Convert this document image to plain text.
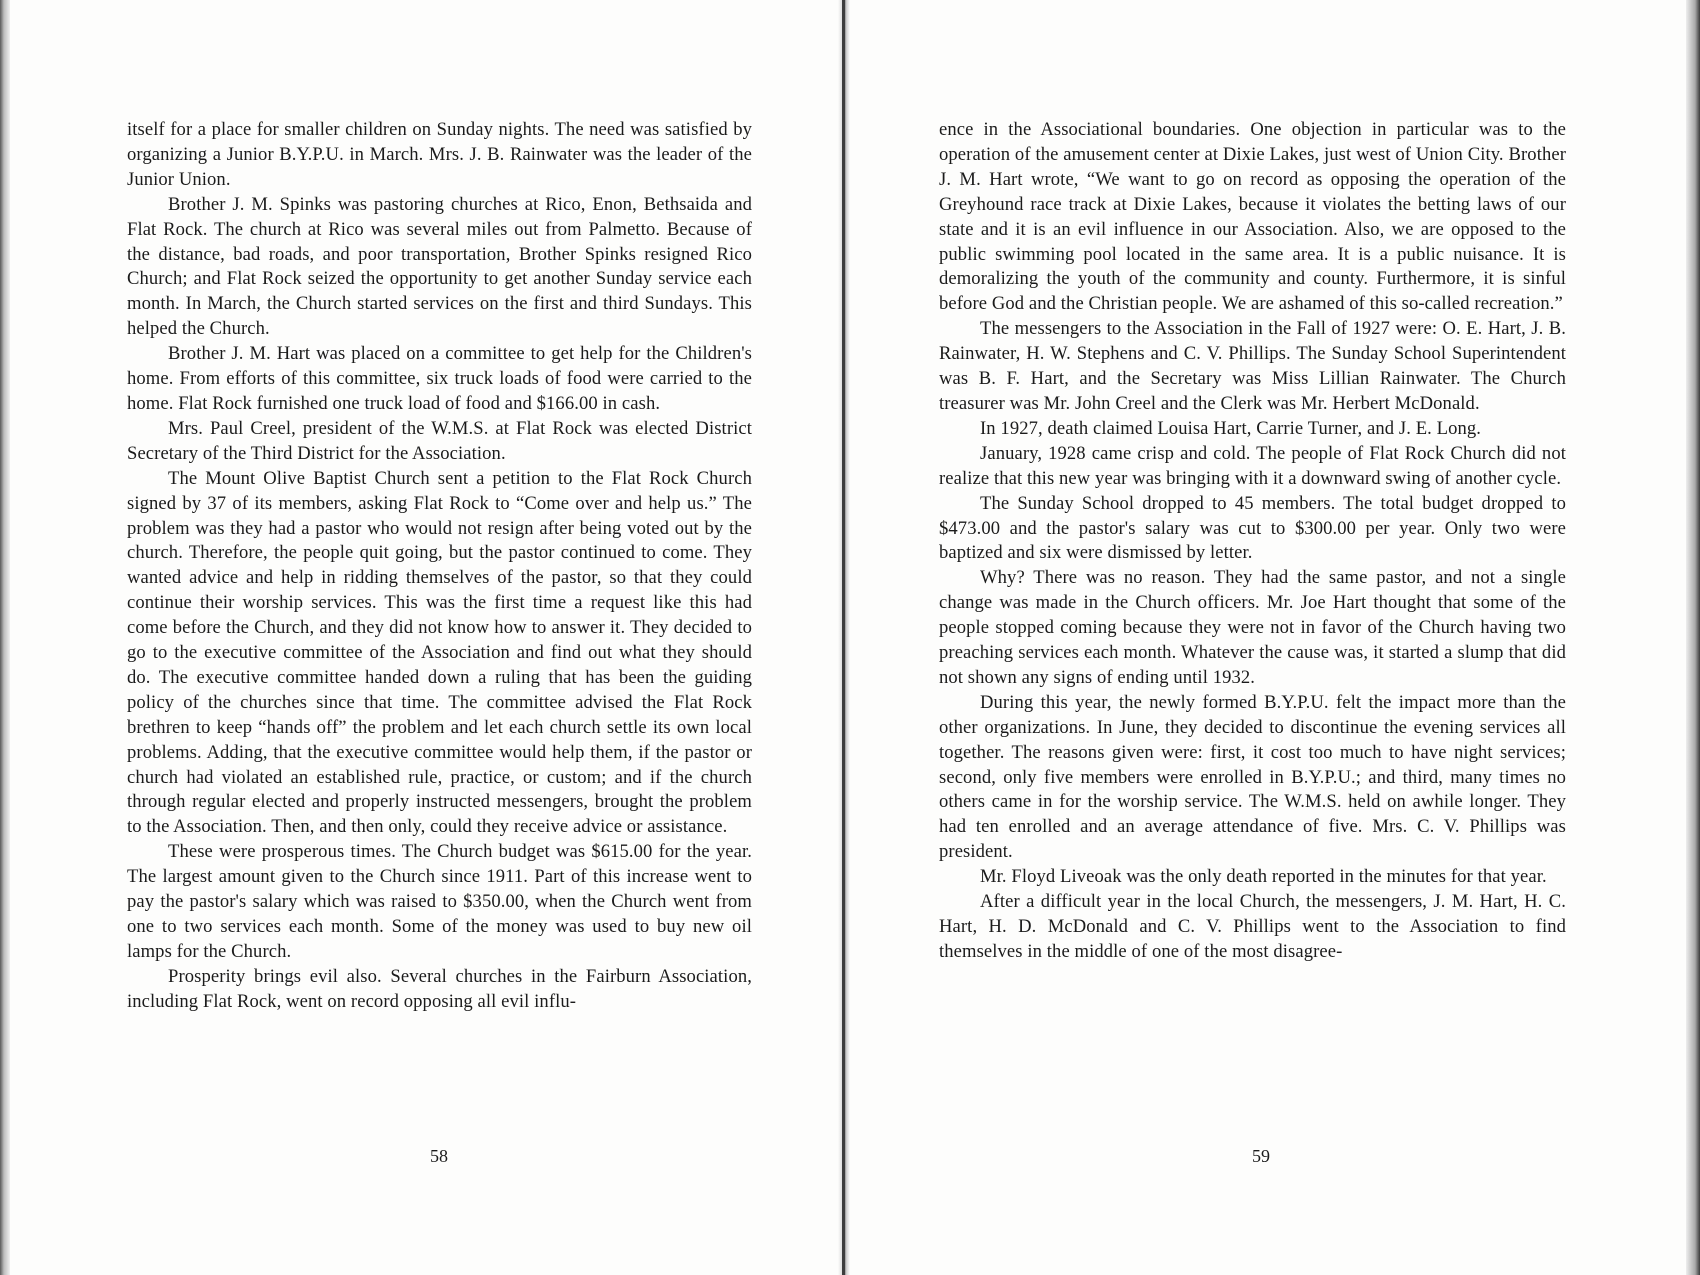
itself for a place for smaller children on Sunday nights. The need was satisfied by organizing a Junior B.Y.P.U. in March. Mrs. J. B. Rainwater was the leader of the Junior Union.

Brother J. M. Spinks was pastoring churches at Rico, Enon, Bethsaida and Flat Rock. The church at Rico was several miles out from Palmetto. Because of the distance, bad roads, and poor transportation, Brother Spinks resigned Rico Church; and Flat Rock seized the opportunity to get another Sunday service each month. In March, the Church started services on the first and third Sundays. This helped the Church.

Brother J. M. Hart was placed on a committee to get help for the Children's home. From efforts of this committee, six truck loads of food were carried to the home. Flat Rock furnished one truck load of food and $166.00 in cash.

Mrs. Paul Creel, president of the W.M.S. at Flat Rock was elected District Secretary of the Third District for the Association.

The Mount Olive Baptist Church sent a petition to the Flat Rock Church signed by 37 of its members, asking Flat Rock to “Come over and help us.” The problem was they had a pastor who would not resign after being voted out by the church. Therefore, the people quit going, but the pastor continued to come. They wanted advice and help in ridding themselves of the pastor, so that they could continue their worship services. This was the first time a request like this had come before the Church, and they did not know how to answer it. They decided to go to the executive committee of the Association and find out what they should do. The executive committee handed down a ruling that has been the guiding policy of the churches since that time. The committee advised the Flat Rock brethren to keep “hands off” the problem and let each church settle its own local problems. Adding, that the executive committee would help them, if the pastor or church had violated an established rule, practice, or custom; and if the church through regular elected and properly instructed messengers, brought the problem to the Association. Then, and then only, could they receive advice or assistance.

These were prosperous times. The Church budget was $615.00 for the year. The largest amount given to the Church since 1911. Part of this increase went to pay the pastor's salary which was raised to $350.00, when the Church went from one to two services each month. Some of the money was used to buy new oil lamps for the Church.

Prosperity brings evil also. Several churches in the Fairburn Association, including Flat Rock, went on record opposing all evil influ-

58

ence in the Associational boundaries. One objection in particular was to the operation of the amusement center at Dixie Lakes, just west of Union City. Brother J. M. Hart wrote, “We want to go on record as opposing the operation of the Greyhound race track at Dixie Lakes, because it violates the betting laws of our state and it is an evil influence in our Association. Also, we are opposed to the public swimming pool located in the same area. It is a public nuisance. It is demoralizing the youth of the community and county. Furthermore, it is sinful before God and the Christian people. We are ashamed of this so-called recreation.”

The messengers to the Association in the Fall of 1927 were: O. E. Hart, J. B. Rainwater, H. W. Stephens and C. V. Phillips. The Sunday School Superintendent was B. F. Hart, and the Secretary was Miss Lillian Rainwater. The Church treasurer was Mr. John Creel and the Clerk was Mr. Herbert McDonald.

In 1927, death claimed Louisa Hart, Carrie Turner, and J. E. Long.

January, 1928 came crisp and cold. The people of Flat Rock Church did not realize that this new year was bringing with it a downward swing of another cycle.

The Sunday School dropped to 45 members. The total budget dropped to $473.00 and the pastor's salary was cut to $300.00 per year. Only two were baptized and six were dismissed by letter.

Why? There was no reason. They had the same pastor, and not a single change was made in the Church officers. Mr. Joe Hart thought that some of the people stopped coming because they were not in favor of the Church having two preaching services each month. Whatever the cause was, it started a slump that did not shown any signs of ending until 1932.

During this year, the newly formed B.Y.P.U. felt the impact more than the other organizations. In June, they decided to discontinue the evening services all together. The reasons given were: first, it cost too much to have night services; second, only five members were enrolled in B.Y.P.U.; and third, many times no others came in for the worship service. The W.M.S. held on awhile longer. They had ten enrolled and an average attendance of five. Mrs. C. V. Phillips was president.

Mr. Floyd Liveoak was the only death reported in the minutes for that year.

After a difficult year in the local Church, the messengers, J. M. Hart, H. C. Hart, H. D. McDonald and C. V. Phillips went to the Association to find themselves in the middle of one of the most disagree-

59
